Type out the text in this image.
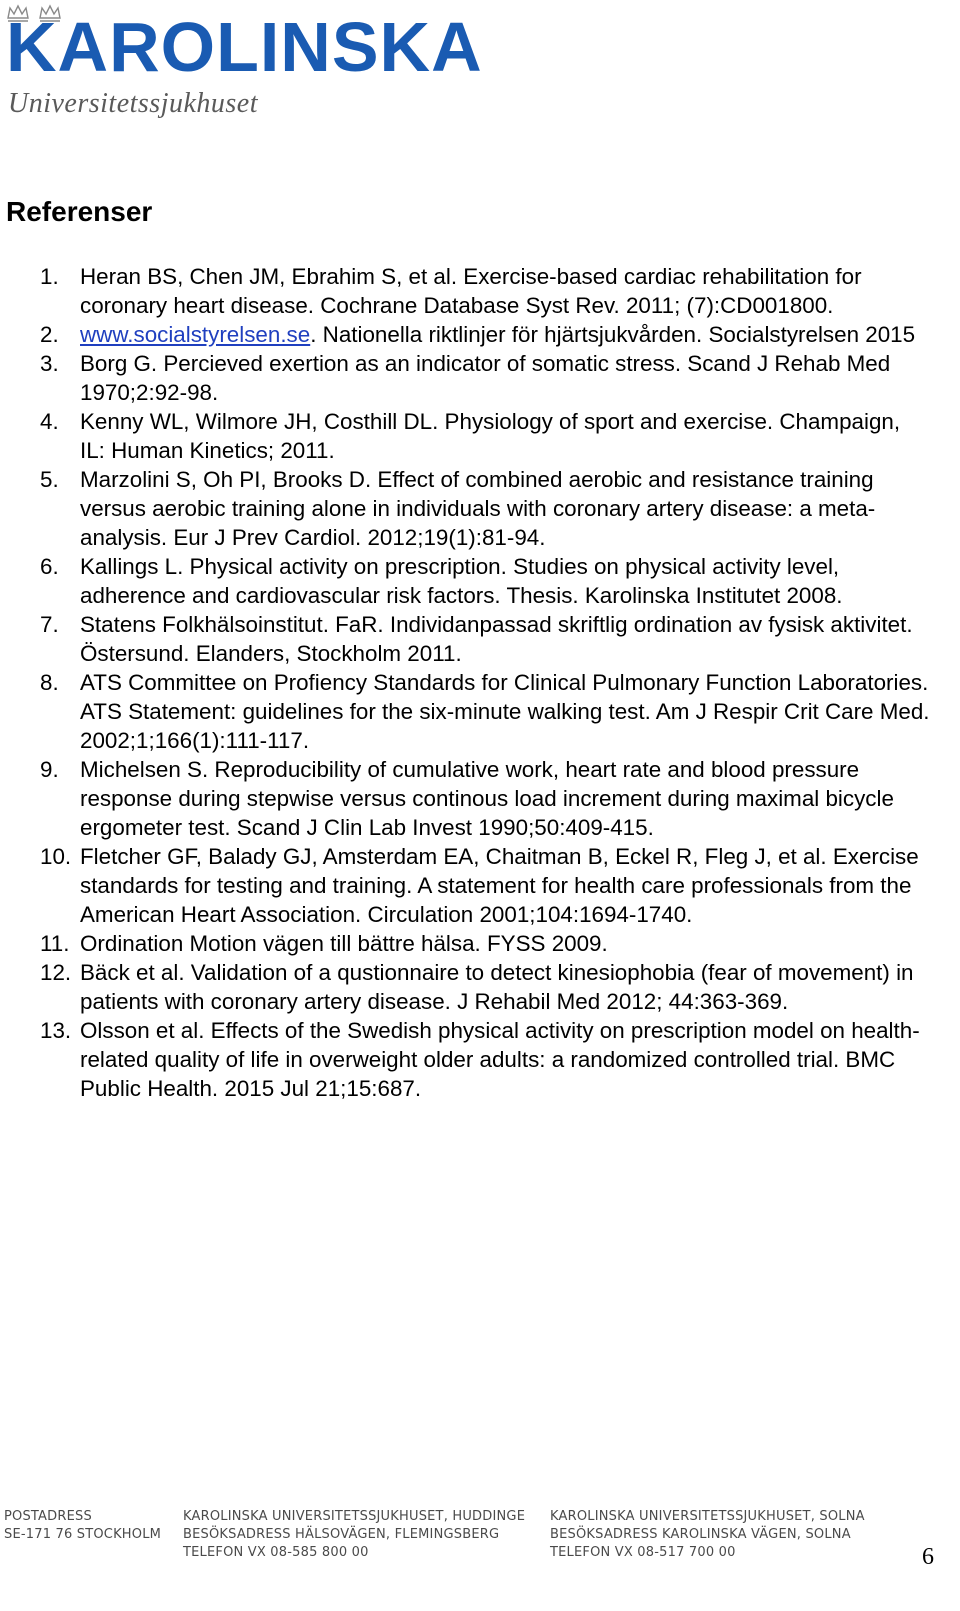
KAROLINSKA
Universitetssjukhuset
Referenser
1. Heran BS, Chen JM, Ebrahim S, et al. Exercise-based cardiac rehabilitation for coronary heart disease. Cochrane Database Syst Rev. 2011; (7):CD001800.
2. www.socialstyrelsen.se. Nationella riktlinjer för hjärtsjukvården. Socialstyrelsen 2015
3. Borg G. Percieved exertion as an indicator of somatic stress. Scand J Rehab Med 1970;2:92-98.
4. Kenny WL, Wilmore JH, Costhill DL. Physiology of sport and exercise. Champaign, IL: Human Kinetics; 2011.
5. Marzolini S, Oh PI, Brooks D. Effect of combined aerobic and resistance training versus aerobic training alone in individuals with coronary artery disease: a meta-analysis. Eur J Prev Cardiol. 2012;19(1):81-94.
6. Kallings L. Physical activity on prescription. Studies on physical activity level, adherence and cardiovascular risk factors. Thesis. Karolinska Institutet 2008.
7. Statens Folkhälsoinstitut. FaR. Individanpassad skriftlig ordination av fysisk aktivitet. Östersund. Elanders, Stockholm 2011.
8. ATS Committee on Profiency Standards for Clinical Pulmonary Function Laboratories. ATS Statement: guidelines for the six-minute walking test. Am J Respir Crit Care Med. 2002;1;166(1):111-117.
9. Michelsen S. Reproducibility of cumulative work, heart rate and blood pressure response during stepwise versus continous load increment during maximal bicycle ergometer test. Scand J Clin Lab Invest 1990;50:409-415.
10. Fletcher GF, Balady GJ, Amsterdam EA, Chaitman B, Eckel R, Fleg J, et al. Exercise standards for testing and training. A statement for health care professionals from the American Heart Association. Circulation 2001;104:1694-1740.
11. Ordination Motion vägen till bättre hälsa. FYSS 2009.
12. Bäck et al. Validation of a qustionnaire to detect kinesiophobia (fear of movement) in patients with coronary artery disease. J Rehabil Med 2012; 44:363-369.
13. Olsson et al. Effects of the Swedish physical activity on prescription model on health-related quality of life in overweight older adults: a randomized controlled trial. BMC Public Health. 2015 Jul 21;15:687.
POSTADRESS
SE-171 76 STOCKHOLM
KAROLINSKA UNIVERSITETSSJUKHUSET, HUDDINGE
BESÖKSADRESS HÄLSOVÄGEN, FLEMINGSBERG
TELEFON VX 08-585 800 00
KAROLINSKA UNIVERSITETSSJUKHUSET, SOLNA
BESÖKSADRESS KAROLINSKA VÄGEN, SOLNA
TELEFON VX 08-517 700 00	6
